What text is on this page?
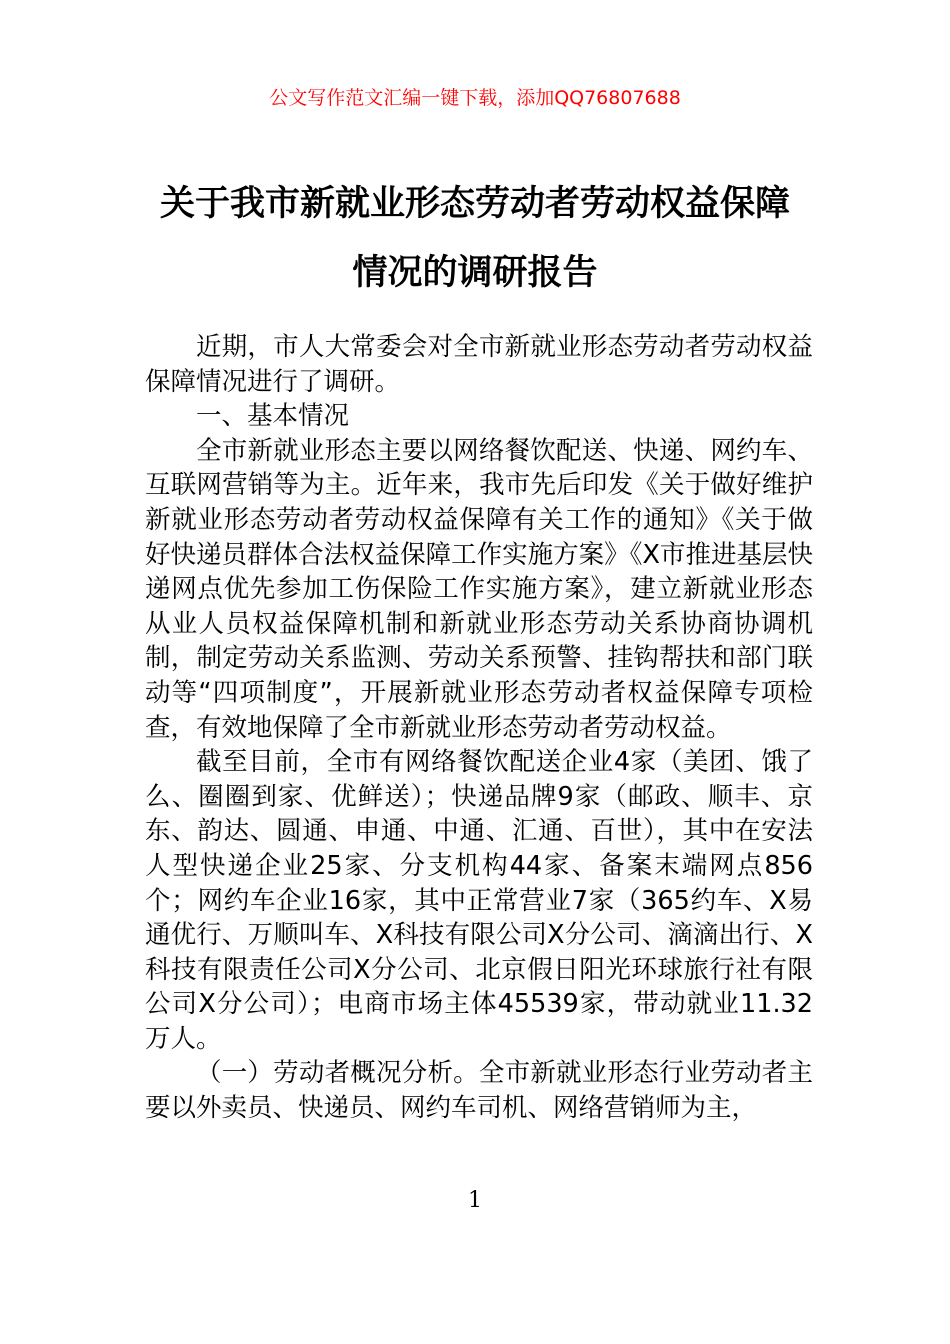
公文写作范文汇编一键下载，添加QQ76807688
关于我市新就业形态劳动者劳动权益保障
情况的调研报告

近期，市人大常委会对全市新就业形态劳动者劳动权益保障情况进行了调研。

一、基本情况

全市新就业形态主要以网络餐饮配送、快递、网约车、互联网营销等为主。近年来，我市先后印发《关于做好维护新就业形态劳动者劳动权益保障有关工作的通知》《关于做好快递员群体合法权益保障工作实施方案》《X市推进基层快递网点优先参加工伤保险工作实施方案》，建立新就业形态从业人员权益保障机制和新就业形态劳动关系协商协调机制，制定劳动关系监测、劳动关系预警、挂钩帮扶和部门联动等“四项制度”，开展新就业形态劳动者权益保障专项检查，有效地保障了全市新就业形态劳动者劳动权益。

截至目前，全市有网络餐饮配送企业4家（美团、饿了么、圈圈到家、优鲜送）；快递品牌9家（邮政、顺丰、京东、韵达、圆通、申通、中通、汇通、百世），其中在安法人型快递企业25家、分支机构44家、备案末端网点856个；网约车企业16家，其中正常营业7家（365约车、X易通优行、万顺叫车、X科技有限公司X分公司、滴滴出行、X科技有限责任公司X分公司、北京假日阳光环球旅行社有限公司X分公司）；电商市场主体45539家，带动就业11.32万人。

（一）劳动者概况分析。全市新就业形态行业劳动者主要以外卖员、快递员、网约车司机、网络营销师为主，

1
